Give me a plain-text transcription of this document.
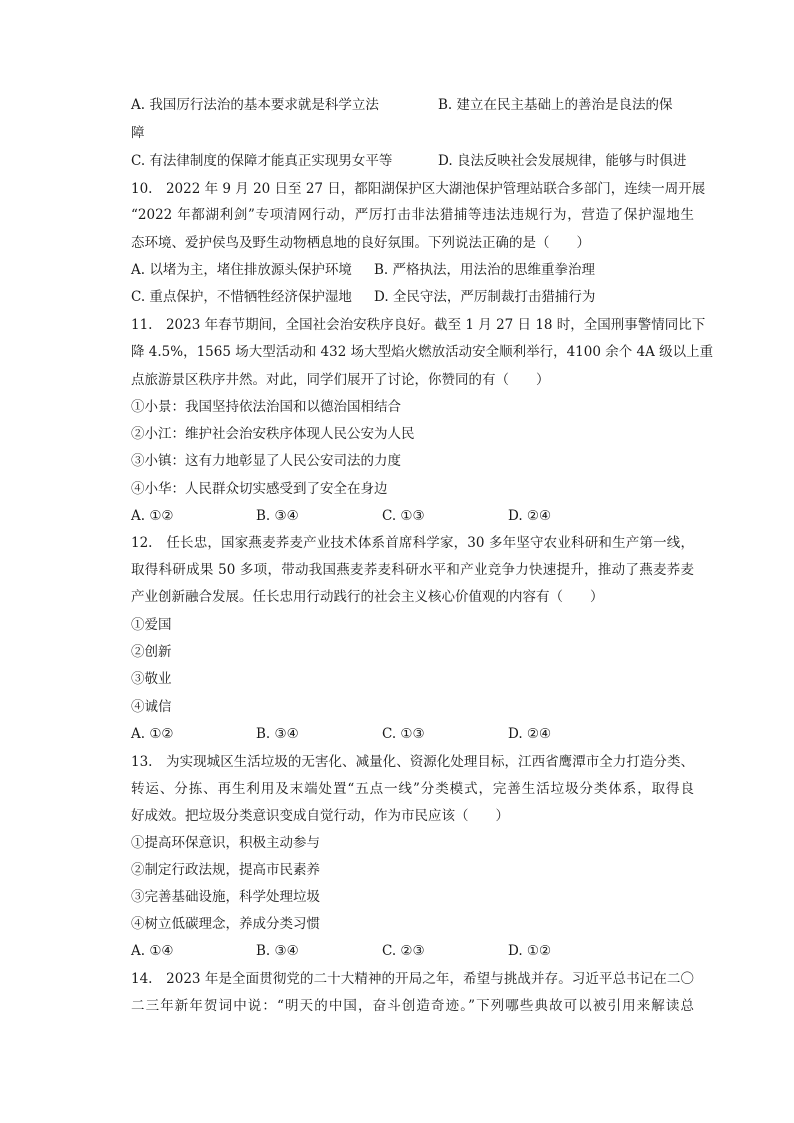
A. 我国厉行法治的基本要求就是科学立法	B. 建立在民主基础上的善治是良法的保
障
C. 有法律制度的保障才能真正实现男女平等	D. 良法反映社会发展规律，能够与时俱进
10.　2022 年 9 月 20 日至 27 日，都阳湖保护区大湖池保护管理站联合多部门，连续一周开展
“2022 年都湖利剑”专项清网行动，严厉打击非法猎捕等违法违规行为，营造了保护湿地生
态环境、爱护侯鸟及野生动物栖息地的良好氛围。下列说法正确的是（　　）
A. 以堵为主，堵住排放源头保护环境 B. 严格执法，用法治的思维重拳治理
C. 重点保护，不惜牺牲经济保护湿地 D. 全民守法，严厉制裁打击猎捕行为
11.　2023 年春节期间，全国社会治安秩序良好。截至 1 月 27 日 18 时，全国刑事警情同比下
降 4.5%，1565 场大型活动和 432 场大型焰火燃放活动安全顺利举行，4100 余个 4A 级以上重
点旅游景区秩序井然。对此，同学们展开了讨论，你赞同的有（　　）
①小景：我国坚持依法治国和以德治国相结合
②小江：维护社会治安秩序体现人民公安为人民
③小镇：这有力地彰显了人民公安司法的力度
④小华：人民群众切实感受到了安全在身边
A. ①②	B. ③④	C. ①③	D. ②④
12.　任长忠，国家燕麦荞麦产业技术体系首席科学家，30 多年坚守农业科研和生产第一线，
取得科研成果 50 多项，带动我国燕麦荞麦科研水平和产业竞争力快速提升，推动了燕麦荞麦
产业创新融合发展。任长忠用行动践行的社会主义核心价值观的内容有（　　）
①爱国
②创新
③敬业
④诚信
A. ①②	B. ③④	C. ①③	D. ②④
13.　为实现城区生活垃圾的无害化、减量化、资源化处理目标，江西省鹰潭市全力打造分类、
转运、分拣、再生利用及末端处置“五点一线”分类模式，完善生活垃圾分类体系，取得良
好成效。把垃圾分类意识变成自觉行动，作为市民应该（　　）
①提高环保意识，积极主动参与
②制定行政法规，提高市民素养
③完善基础设施，科学处理垃圾
④树立低碳理念，养成分类习惯
A. ①④	B. ③④	C. ②③	D. ①②
14.　2023 年是全面贯彻党的二十大精神的开局之年，希望与挑战并存。习近平总书记在二〇
二三年新年贺词中说：“明天的中国，奋斗创造奇迹。”下列哪些典故可以被引用来解读总
